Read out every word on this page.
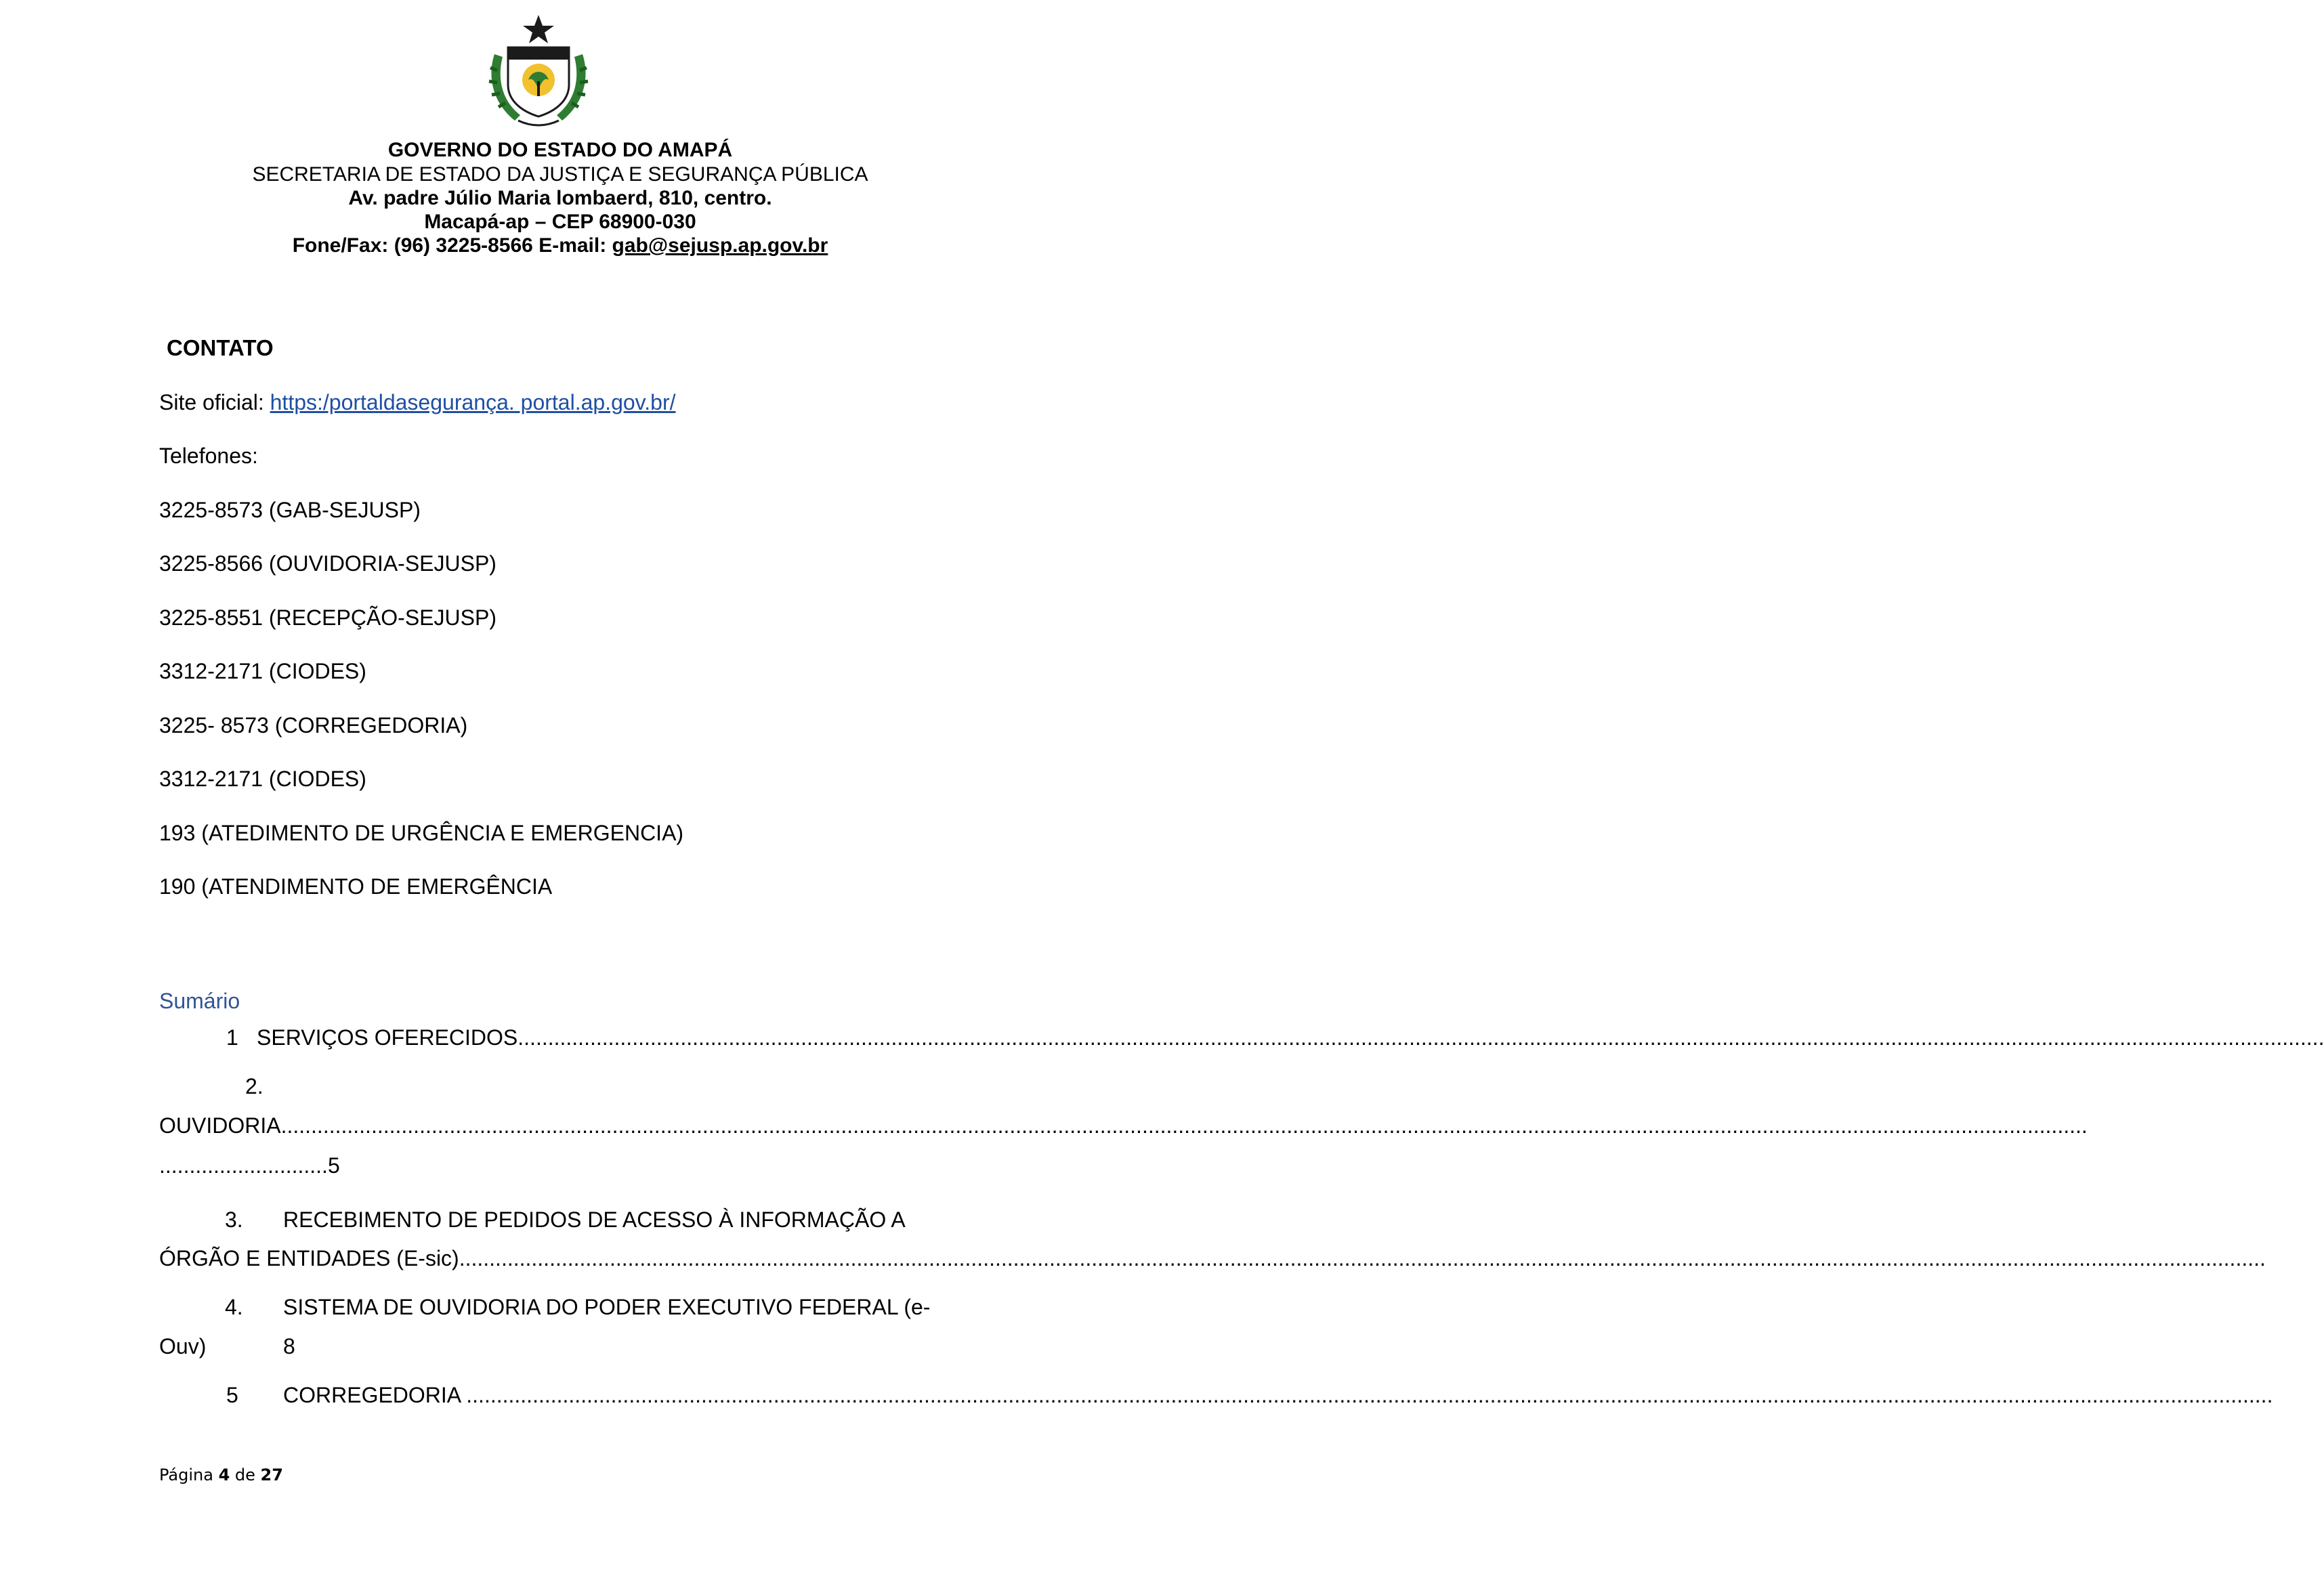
GOVERNO DO ESTADO DO AMAPÁ
SECRETARIA DE ESTADO DA JUSTIÇA E SEGURANÇA PÚBLICA
Av. padre Júlio Maria lombaerd, 810, centro.
Macapá-ap – CEP 68900-030
Fone/Fax: (96) 3225-8566 E-mail: gab@sejusp.ap.gov.br
CONTATO
Site oficial: https:/portaldasegurança. portal.ap.gov.br/
Telefones:
3225-8573 (GAB-SEJUSP)
3225-8566 (OUVIDORIA-SEJUSP)
3225-8551 (RECEPÇÃO-SEJUSP)
3312-2171 (CIODES)
3225- 8573 (CORREGEDORIA)
3312-2171 (CIODES)
193 (ATEDIMENTO DE URGÊNCIA E EMERGENCIA)
190 (ATENDIMENTO DE EMERGÊNCIA
Sumário
1 SERVIÇOS OFERECIDOS............................................................................................................................................................................................................................................................................................................
2.
OUVIDORIA............................................................................................................................................................................................................................................................................................................
............................5
3. RECEBIMENTO DE PEDIDOS DE ACESSO À INFORMAÇÃO A
ÓRGÃO E ENTIDADES (E-sic)............................................................................................................................................................................................................................................................................................................
4. SISTEMA DE OUVIDORIA DO PODER EXECUTIVO FEDERAL (e-
Ouv)	8
5 CORREGEDORIA ............................................................................................................................................................................................................................................................................................................
Página 4 de 27
